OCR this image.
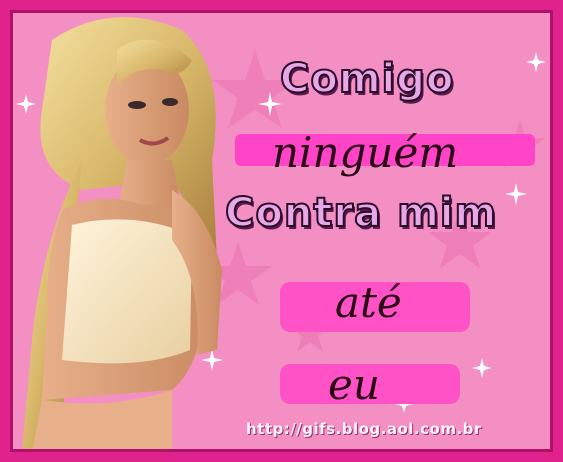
Comigo
ninguém
Contra mim
até
eu
http://gifs.blog.aol.com.br
